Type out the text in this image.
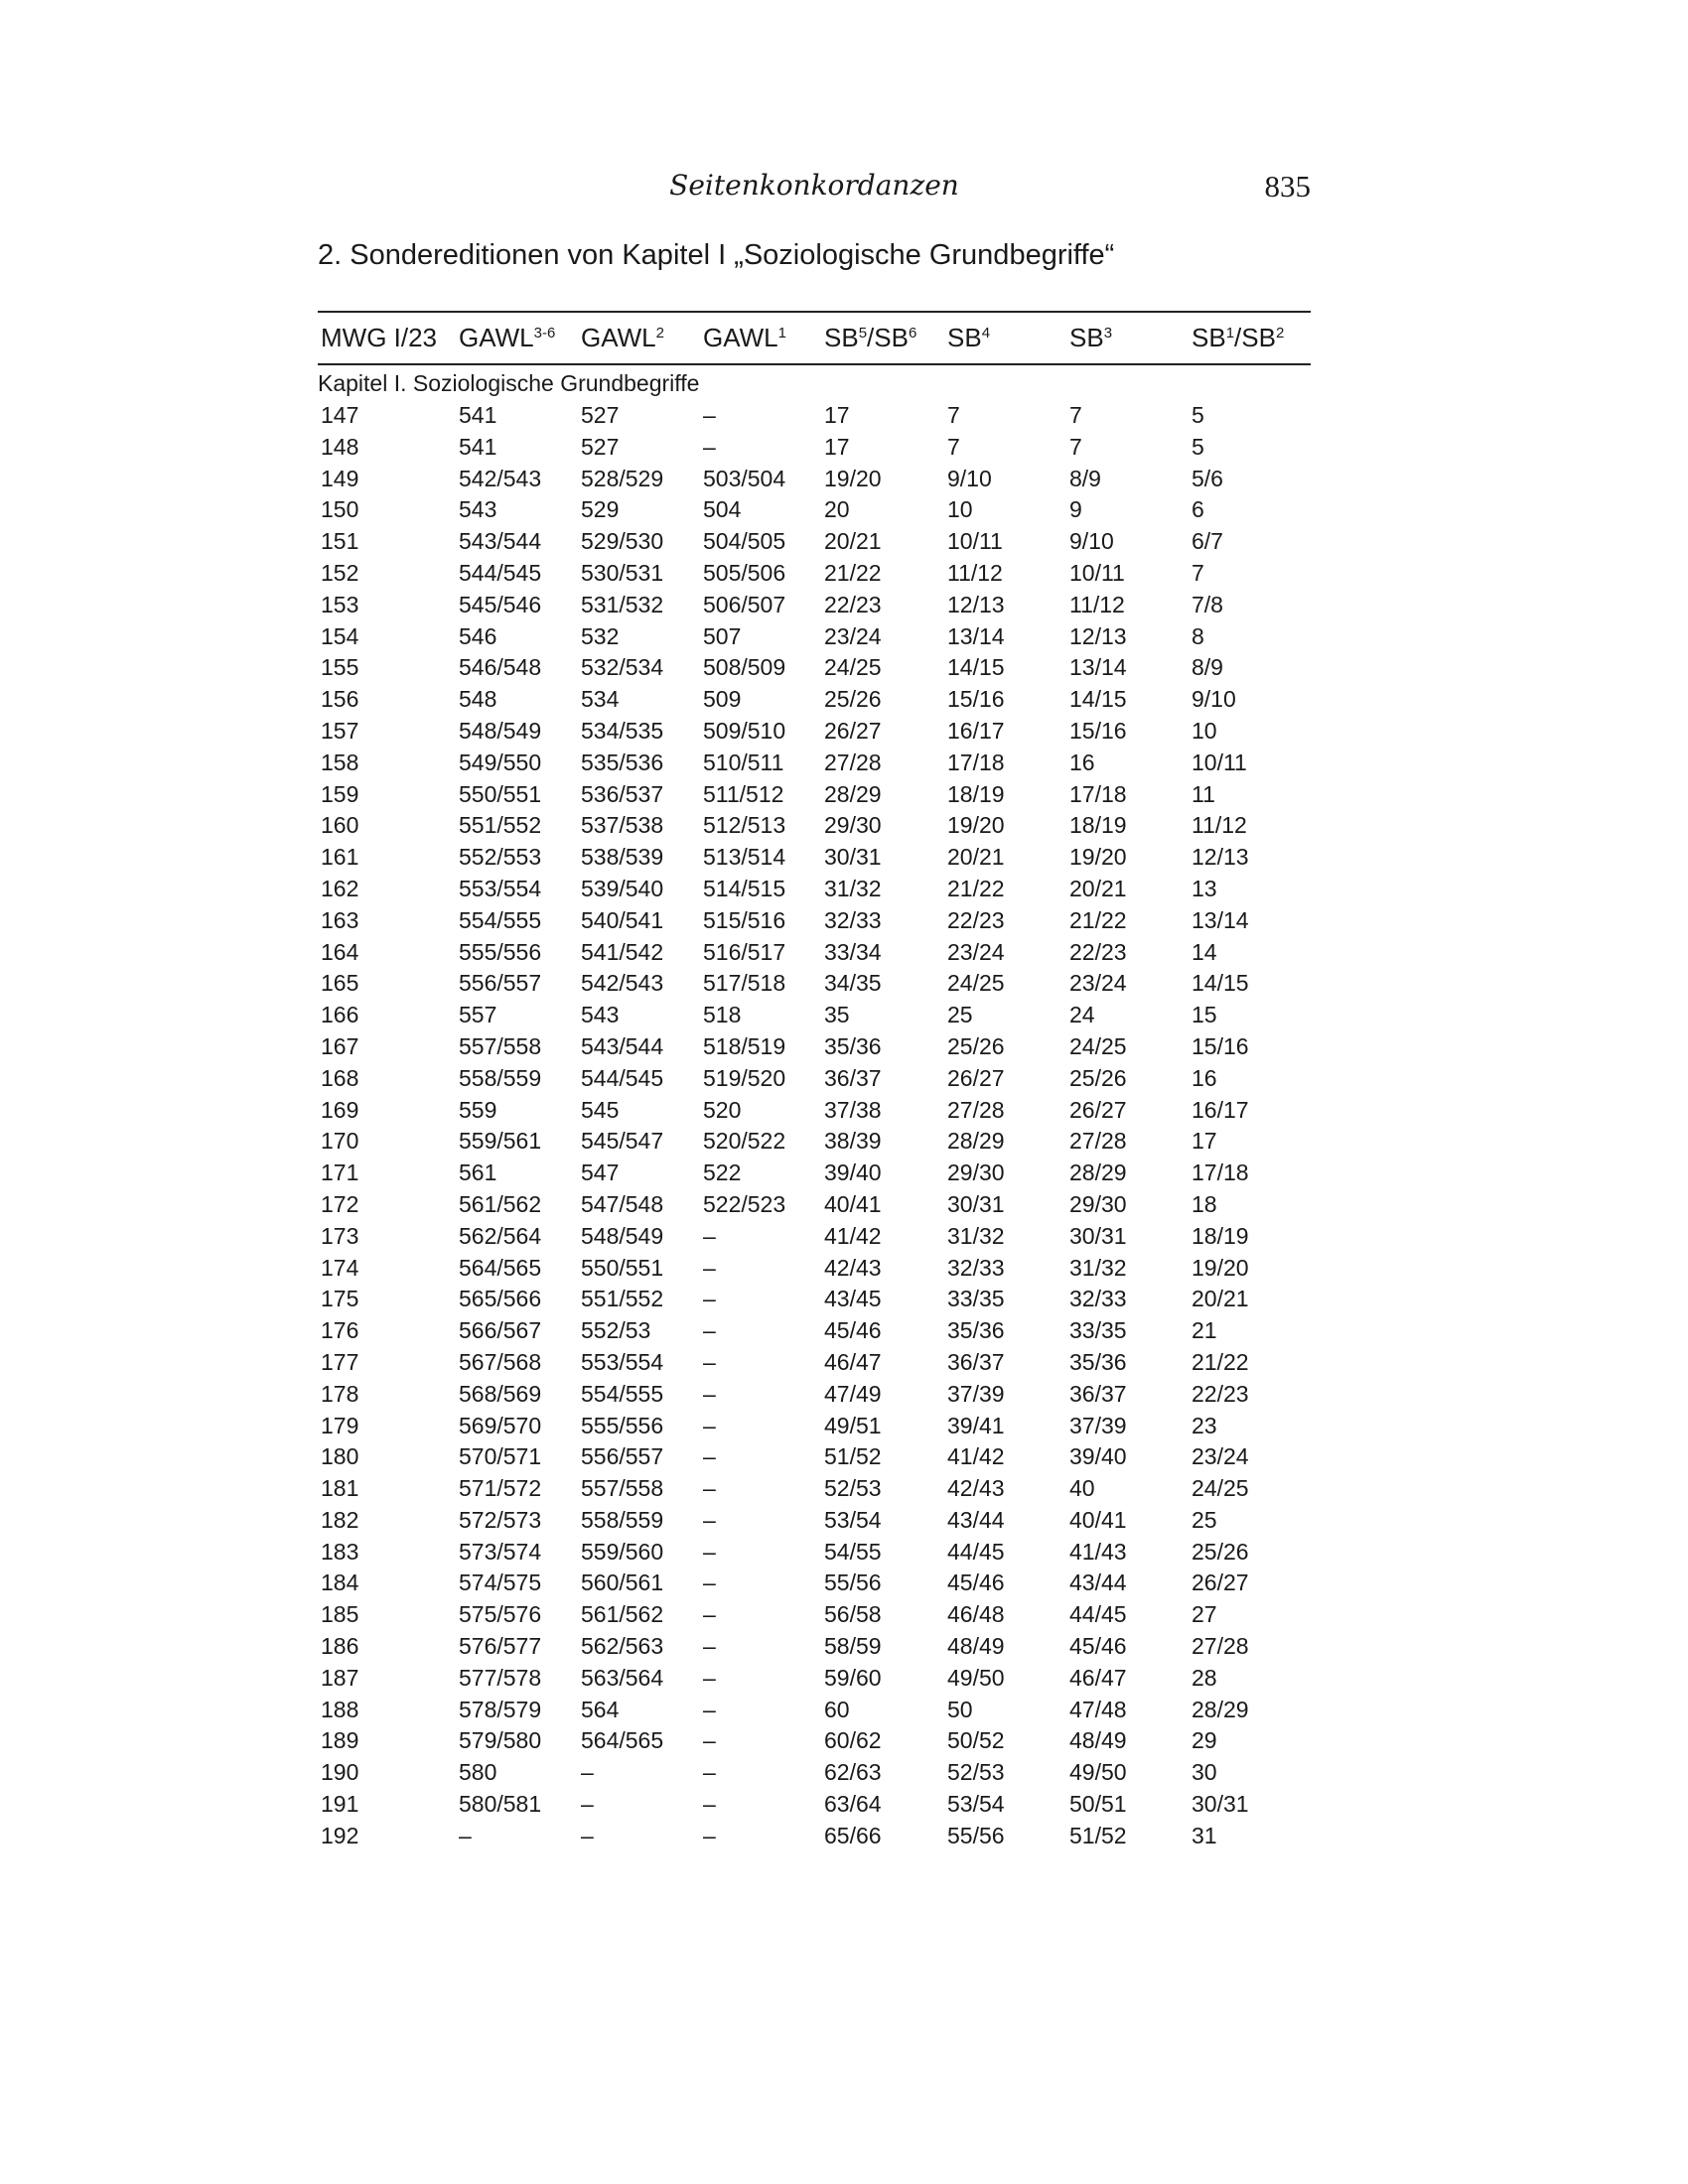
Seitenkonkordanzen	835
2. Sondereditionen von Kapitel I „Soziologische Grundbegriffe“
MWG I/23 GAWL$^{3-6}$ GAWL$^2$ GAWL$^1$ $SB^5/SB^6$ $SB^4$	$SB^3$	$SB^1/SB^2$
Kapitel I. Soziologische Grundbegriffe
147	541	527	–	17	7	7	5
148	541	527	–	17	7	7	5
149	542/543 528/529 503/504 19/20	9/10	8/9	5/6
150	543	529	504	20	10	9	6
151	543/544 529/530 504/505 20/21	10/11	9/10	6/7
152	544/545 530/531 505/506 21/22	11/12	10/11	7
153	545/546 531/532 506/507 22/23	12/13	11/12	7/8
154	546	532	507	23/24	13/14	12/13	8
155	546/548 532/534 508/509 24/25	14/15	13/14	8/9
156	548	534	509	25/26	15/16	14/15	9/10
157	548/549 534/535 509/510 26/27	16/17	15/16	10
158	549/550 535/536 510/511 27/28	17/18	16	10/11
159	550/551 536/537 511/512 28/29	18/19	17/18	11
160	551/552 537/538 512/513 29/30	19/20	18/19	11/12
161	552/553 538/539 513/514 30/31	20/21	19/20	12/13
162	553/554 539/540 514/515 31/32	21/22	20/21	13
163	554/555 540/541 515/516 32/33	22/23	21/22	13/14
164	555/556 541/542 516/517 33/34	23/24	22/23	14
165	556/557 542/543 517/518 34/35	24/25	23/24	14/15
166	557	543	518	35	25	24	15
167	557/558 543/544 518/519 35/36	25/26	24/25	15/16
168	558/559 544/545 519/520 36/37	26/27	25/26	16
169	559	545	520	37/38	27/28	26/27	16/17
170	559/561 545/547 520/522 38/39	28/29	27/28	17
171	561	547	522	39/40	29/30	28/29	17/18
172	561/562 547/548 522/523 40/41	30/31	29/30	18
173	562/564 548/549 –	41/42	31/32	30/31	18/19
174	564/565 550/551 –	42/43	32/33	31/32	19/20
175	565/566 551/552 –	43/45	33/35	32/33	20/21
176	566/567 552/53 –	45/46	35/36	33/35	21
177	567/568 553/554 –	46/47	36/37	35/36	21/22
178	568/569 554/555 –	47/49	37/39	36/37	22/23
179	569/570 555/556 –	49/51	39/41	37/39	23
180	570/571 556/557 –	51/52	41/42	39/40	23/24
181	571/572 557/558 –	52/53	42/43	40	24/25
182	572/573 558/559 –	53/54	43/44	40/41	25
183	573/574 559/560 –	54/55	44/45	41/43	25/26
184	574/575 560/561 –	55/56	45/46	43/44	26/27
185	575/576 561/562 –	56/58	46/48	44/45	27
186	576/577 562/563 –	58/59	48/49	45/46	27/28
187	577/578 563/564 –	59/60	49/50	46/47	28
188	578/579 564	–	60	50	47/48	28/29
189	579/580 564/565 –	60/62	50/52	48/49	29
190	580	–	–	62/63	52/53	49/50	30
191	580/581 –	–	63/64	53/54	50/51	30/31
192	–	–	–	65/66	55/56	51/52	31
